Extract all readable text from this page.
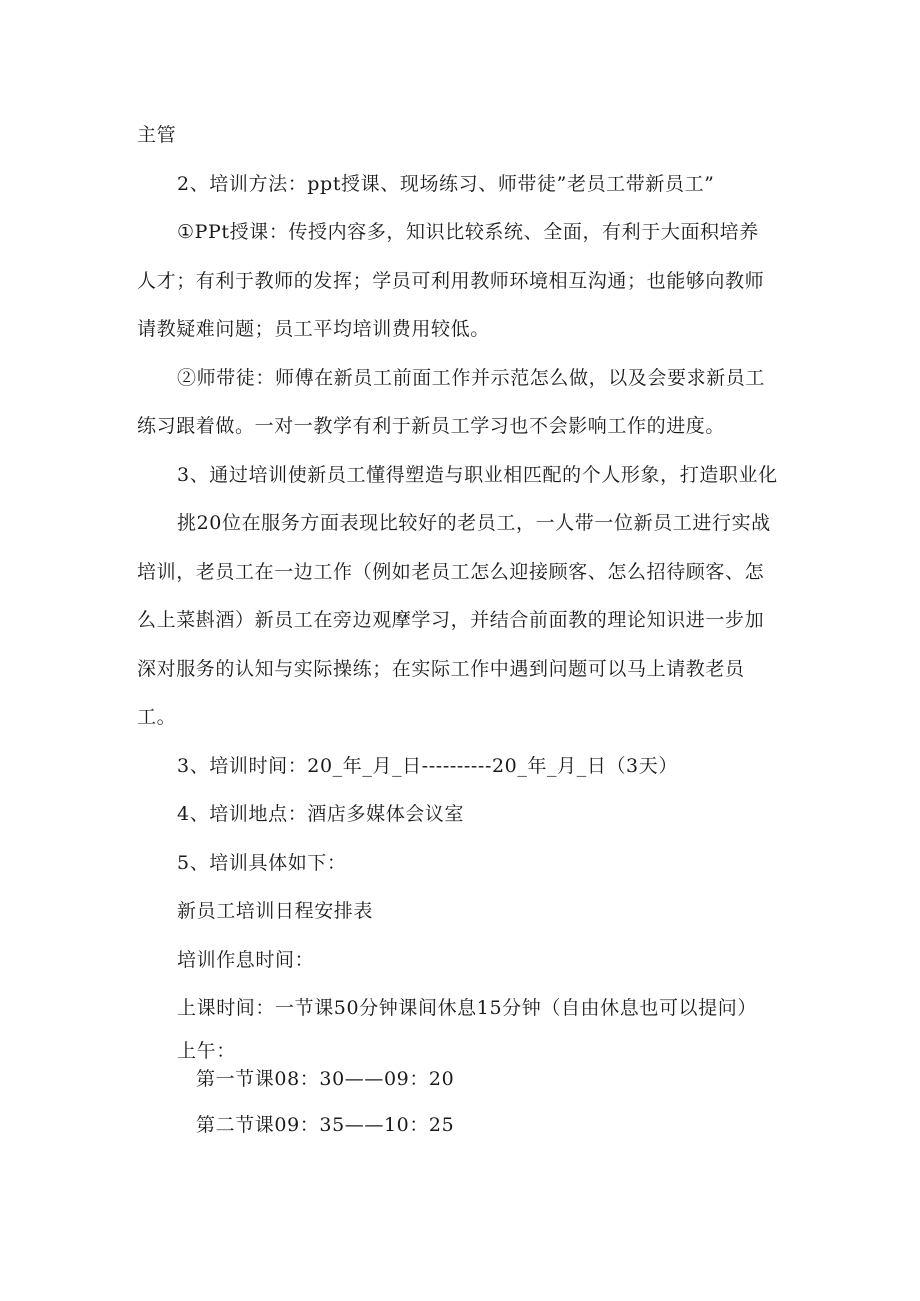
主管
2、培训方法：ppt授课、现场练习、师带徒”老员工带新员工”
①PPt授课：传授内容多，知识比较系统、全面，有利于大面积培养
人才；有利于教师的发挥；学员可利用教师环境相互沟通；也能够向教师
请教疑难问题；员工平均培训费用较低。
②师带徒：师傅在新员工前面工作并示范怎么做，以及会要求新员工
练习跟着做。一对一教学有利于新员工学习也不会影响工作的进度。
3、通过培训使新员工懂得塑造与职业相匹配的个人形象，打造职业化
挑20位在服务方面表现比较好的老员工，一人带一位新员工进行实战
培训，老员工在一边工作（例如老员工怎么迎接顾客、怎么招待顾客、怎
么上菜斟酒）新员工在旁边观摩学习，并结合前面教的理论知识进一步加
深对服务的认知与实际操练；在实际工作中遇到问题可以马上请教老员
工。
3、培训时间：20_年_月_日----------20_年_月_日（3天）
4、培训地点：酒店多媒体会议室
5、培训具体如下：
新员工培训日程安排表
培训作息时间：
上课时间：一节课50分钟课间休息15分钟（自由休息也可以提问）
上午：
第一节课08：30——09：20
第二节课09：35——10：25
